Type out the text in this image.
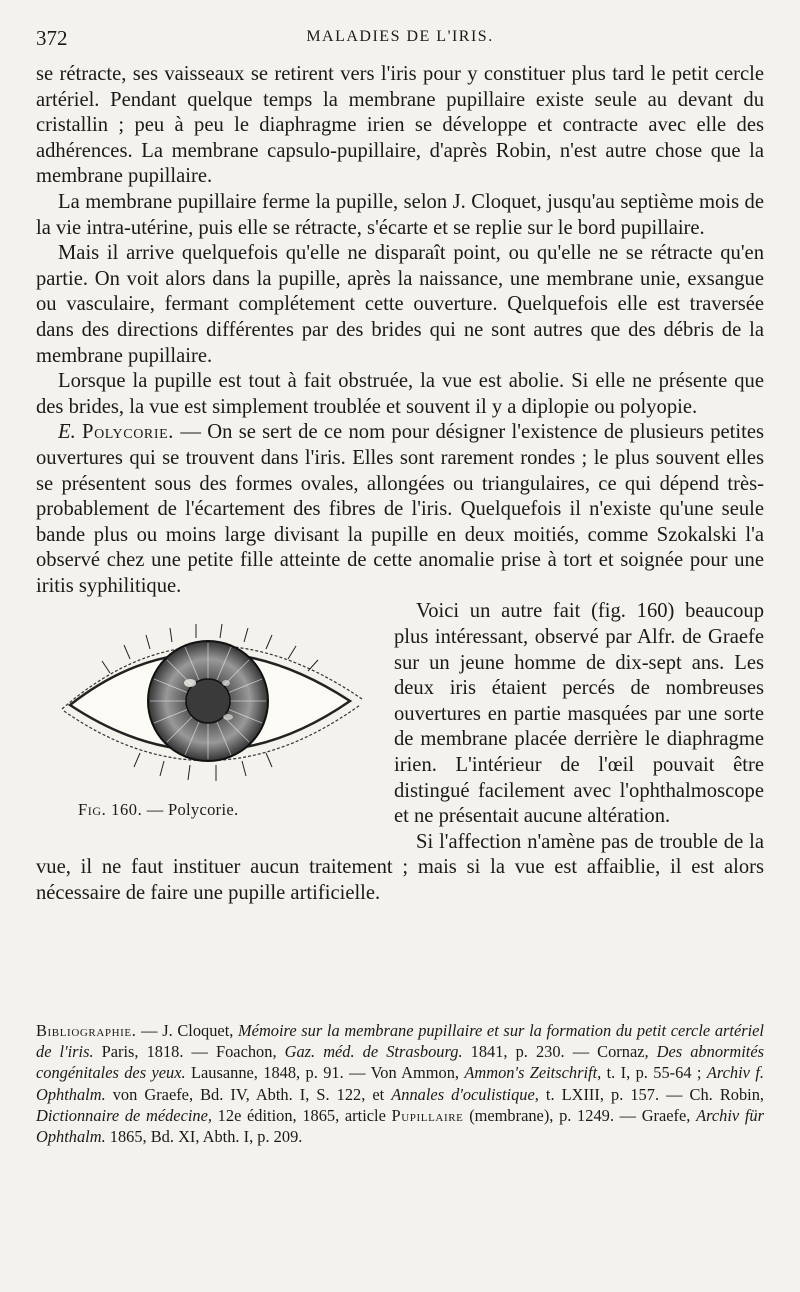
372	MALADIES DE L'IRIS.

se rétracte, ses vaisseaux se retirent vers l'iris pour y constituer plus tard le petit cercle artériel. Pendant quelque temps la membrane pupillaire existe seule au devant du cristallin ; peu à peu le diaphragme irien se développe et contracte avec elle des adhérences. La membrane capsulo-pupillaire, d'après Robin, n'est autre chose que la membrane pupillaire.

La membrane pupillaire ferme la pupille, selon J. Cloquet, jusqu'au septième mois de la vie intra-utérine, puis elle se rétracte, s'écarte et se replie sur le bord pupillaire.

Mais il arrive quelquefois qu'elle ne disparaît point, ou qu'elle ne se rétracte qu'en partie. On voit alors dans la pupille, après la naissance, une membrane unie, exsangue ou vasculaire, fermant complétement cette ouverture. Quelquefois elle est traversée dans des directions différentes par des brides qui ne sont autres que des débris de la membrane pupillaire.

Lorsque la pupille est tout à fait obstruée, la vue est abolie. Si elle ne présente que des brides, la vue est simplement troublée et souvent il y a diplopie ou polyopie.

E. Polycorie. — On se sert de ce nom pour désigner l'existence de plusieurs petites ouvertures qui se trouvent dans l'iris. Elles sont rarement rondes ; le plus souvent elles se présentent sous des formes ovales, allongées ou triangulaires, ce qui dépend très-probablement de l'écartement des fibres de l'iris. Quelquefois il n'existe qu'une seule bande plus ou moins large divisant la pupille en deux moitiés, comme Szokalski l'a observé chez une petite fille atteinte de cette anomalie prise à tort et soignée pour une iritis syphilitique.

Fig. 160. — Polycorie.
Voici un autre fait (fig. 160) beaucoup plus intéressant, observé par Alfr. de Graefe sur un jeune homme de dix-sept ans. Les deux iris étaient percés de nombreuses ouvertures en partie masquées par une sorte de membrane placée derrière le diaphragme irien. L'intérieur de l'œil pouvait être distingué facilement avec l'ophthalmoscope et ne présentait aucune altération.

Si l'affection n'amène pas de trouble de la vue, il ne faut instituer aucun traitement ; mais si la vue est affaiblie, il est alors nécessaire de faire une pupille artificielle.

Bibliographie. — J. Cloquet, Mémoire sur la membrane pupillaire et sur la formation du petit cercle artériel de l'iris. Paris, 1818. — Foachon, Gaz. méd. de Strasbourg. 1841, p. 230. — Cornaz, Des abnormités congénitales des yeux. Lausanne, 1848, p. 91. — Von Ammon, Ammon's Zeitschrift, t. I, p. 55-64 ; Archiv f. Ophthalm. von Graefe, Bd. IV, Abth. I, S. 122, et Annales d'oculistique, t. LXIII, p. 157. — Ch. Robin, Dictionnaire de médecine, 12e édition, 1865, article Pupillaire (membrane), p. 1249. — Graefe, Archiv für Ophthalm. 1865, Bd. XI, Abth. I, p. 209.
